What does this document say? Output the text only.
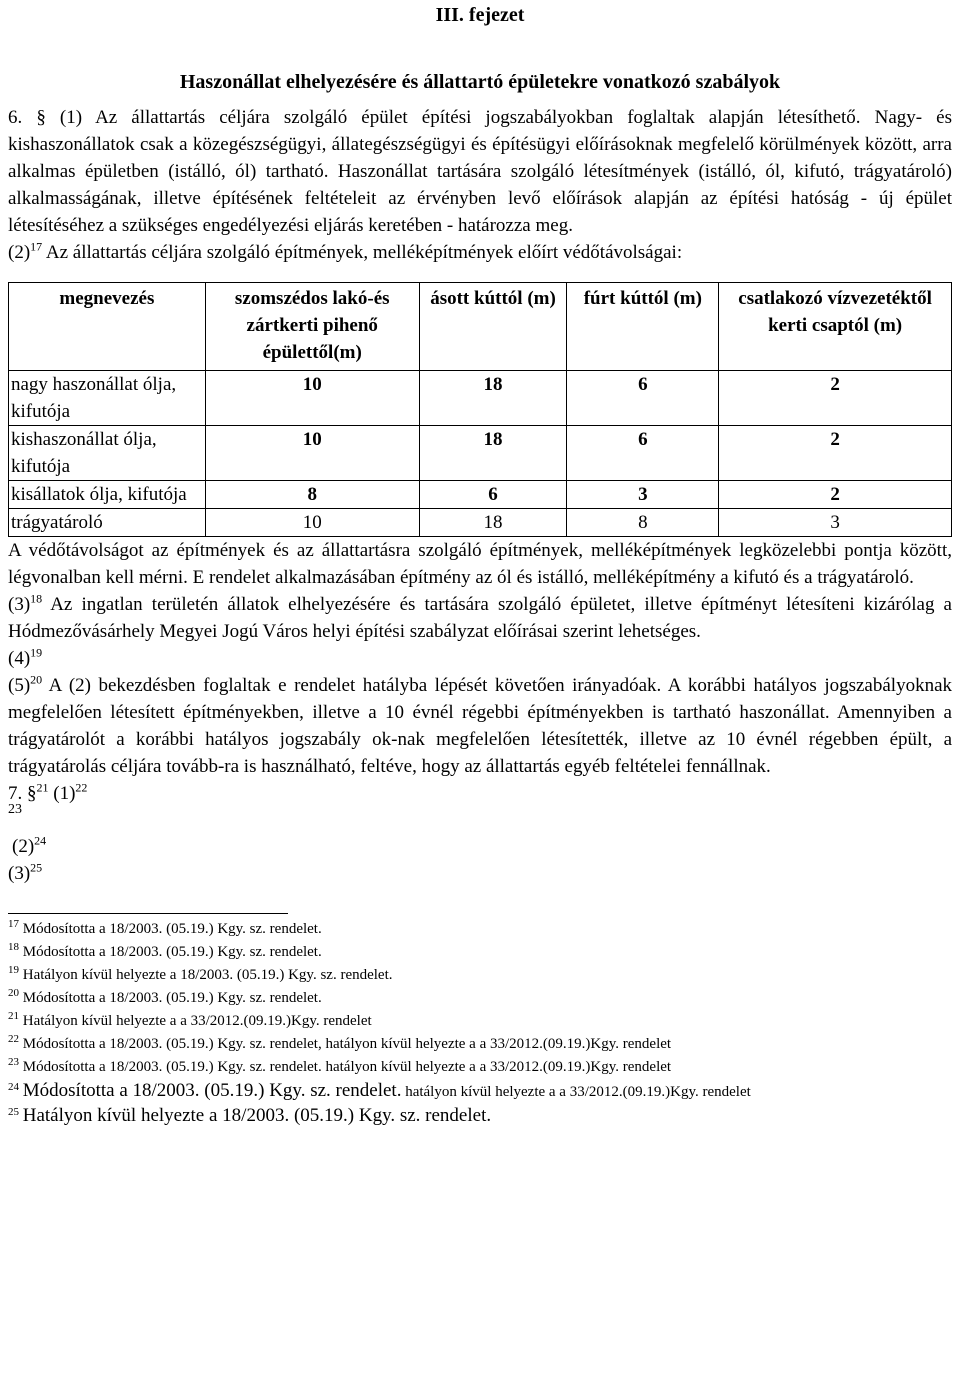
III. fejezet
Haszonállat elhelyezésére és állattartó épületekre vonatkozó szabályok

6. § (1) Az állattartás céljára szolgáló épület építési jogszabályokban foglaltak alapján létesíthető. Nagy- és kishaszonállatok csak a közegészségügyi, állategészségügyi és építésügyi előírásoknak megfelelő körülmények között, arra alkalmas épületben (istálló, ól) tartható. Haszonállat tartására szolgáló létesítmények (istálló, ól, kifutó, trágyatároló) alkalmasságának, illetve építésének feltételeit az érvényben levő előírások alapján az építési hatóság - új épület létesítéséhez a szükséges engedélyezési eljárás keretében - határozza meg.

$(2)^{17}$ Az állattartás céljára szolgáló építmények, melléképítmények előírt védőtávolságai:

megnevezés	szomszédos lakó-és zártkerti pihenő épülettől(m)	ásott kúttól (m)	fúrt kúttól (m)	csatlakozó vízvezetéktől kerti csaptól (m)
nagy haszonállat ólja, kifutója	10	18	6	2
kishaszonállat ólja, kifutója	10	18	6	2
kisállatok ólja, kifutója	8	6	3	2
trágyatároló	10	18	8	3

A védőtávolságot az építmények és az állattartásra szolgáló építmények, melléképítmények legközelebbi pontja között, légvonalban kell mérni. E rendelet alkalmazásában építmény az ól és istálló, melléképítmény a kifutó és a trágyatároló.

$(3)^{18}$ Az ingatlan területén állatok elhelyezésére és tartására szolgáló épületet, illetve építményt létesíteni kizárólag a Hódmezővásárhely Megyei Jogú Város helyi építési szabályzat előírásai szerint lehetséges.

$(4)^{19}$

$(5)^{20}$ A (2) bekezdésben foglaltak e rendelet hatályba lépését követően irányadóak. A korábbi hatályos jogszabályoknak megfelelően létesített építményekben, illetve a 10 évnél régebbi építményekben is tartható haszonállat. Amennyiben a trágyatárolót a korábbi hatályos jogszabály ok-nak megfelelően létesítették, illetve az 10 évnél régebben épült, a trágyatárolás céljára tovább-ra is használható, feltéve, hogy az állattartás egyéb feltételei fennállnak.

7. §$^{21}$ $(1)^{22}$

23

$(2)^{24}$

$(3)^{25}$

$^{17}$ Módosította a 18/2003. (05.19.) Kgy. sz. rendelet.

$^{18}$ Módosította a 18/2003. (05.19.) Kgy. sz. rendelet.

$^{19}$ Hatályon kívül helyezte a 18/2003. (05.19.) Kgy. sz. rendelet.

$^{20}$ Módosította a 18/2003. (05.19.) Kgy. sz. rendelet.

$^{21}$ Hatályon kívül helyezte a a 33/2012.(09.19.)Kgy. rendelet

$^{22}$ Módosította a 18/2003. (05.19.) Kgy. sz. rendelet, hatályon kívül helyezte a a 33/2012.(09.19.)Kgy. rendelet

$^{23}$ Módosította a 18/2003. (05.19.) Kgy. sz. rendelet. hatályon kívül helyezte a a 33/2012.(09.19.)Kgy. rendelet

$^{24}$ Módosította a 18/2003. (05.19.) Kgy. sz. rendelet. hatályon kívül helyezte a a 33/2012.(09.19.)Kgy. rendelet

$^{25}$ Hatályon kívül helyezte a 18/2003. (05.19.) Kgy. sz. rendelet.
